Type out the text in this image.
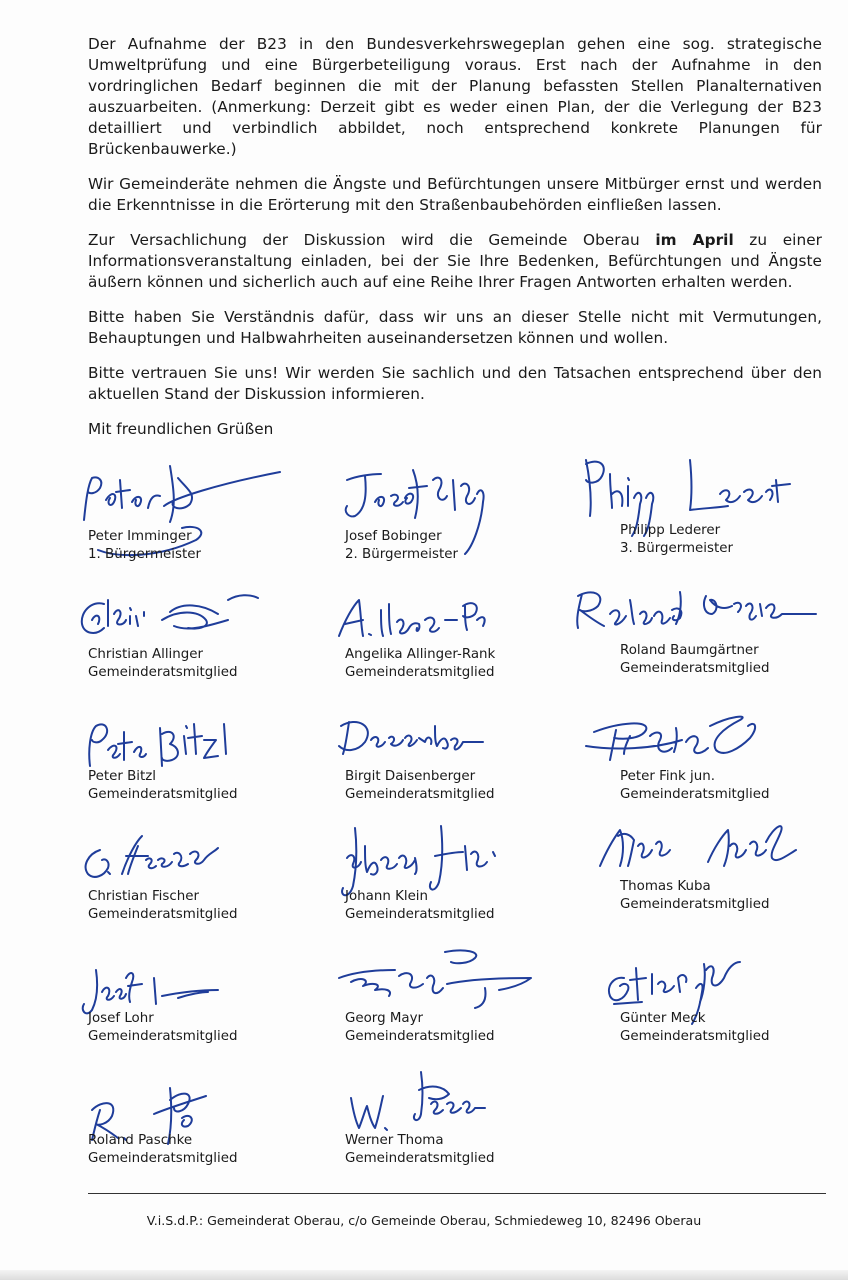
Der Aufnahme der B23 in den Bundesverkehrswegeplan gehen eine sog. strategische Umweltprüfung und eine Bürgerbeteiligung voraus. Erst nach der Aufnahme in den vordringlichen Bedarf beginnen die mit der Planung befassten Stellen Planalternativen auszuarbeiten. (Anmerkung: Derzeit gibt es weder einen Plan, der die Verlegung der B23 detailliert und verbindlich abbildet, noch entsprechend konkrete Planungen für Brückenbauwerke.)

Wir Gemeinderäte nehmen die Ängste und Befürchtungen unsere Mitbürger ernst und werden die Erkenntnisse in die Erörterung mit den Straßenbaubehörden einfließen lassen.

Zur Versachlichung der Diskussion wird die Gemeinde Oberau im April zu einer Informationsveranstaltung einladen, bei der Sie Ihre Bedenken, Befürchtungen und Ängste äußern können und sicherlich auch auf eine Reihe Ihrer Fragen Antworten erhalten werden.

Bitte haben Sie Verständnis dafür, dass wir uns an dieser Stelle nicht mit Vermutungen, Behauptungen und Halbwahrheiten auseinandersetzen können und wollen.

Bitte vertrauen Sie uns! Wir werden Sie sachlich und den Tatsachen entsprechend über den aktuellen Stand der Diskussion informieren.

Mit freundlichen Grüßen
Peter Imminger
1. Bürgermeister
Josef Bobinger
2. Bürgermeister
Philipp Lederer
3. Bürgermeister
Christian Allinger
Gemeinderatsmitglied
Angelika Allinger-Rank
Gemeinderatsmitglied
Roland Baumgärtner
Gemeinderatsmitglied
Peter Bitzl
Gemeinderatsmitglied
Birgit Daisenberger
Gemeinderatsmitglied
Peter Fink jun.
Gemeinderatsmitglied
Christian Fischer
Gemeinderatsmitglied
Johann Klein
Gemeinderatsmitglied
Thomas Kuba
Gemeinderatsmitglied
Josef Lohr
Gemeinderatsmitglied
Georg Mayr
Gemeinderatsmitglied
Günter Meck
Gemeinderatsmitglied
Roland Paschke
Gemeinderatsmitglied
Werner Thoma
Gemeinderatsmitglied
V.i.S.d.P.: Gemeinderat Oberau, c/o Gemeinde Oberau, Schmiedeweg 10, 82496 Oberau
